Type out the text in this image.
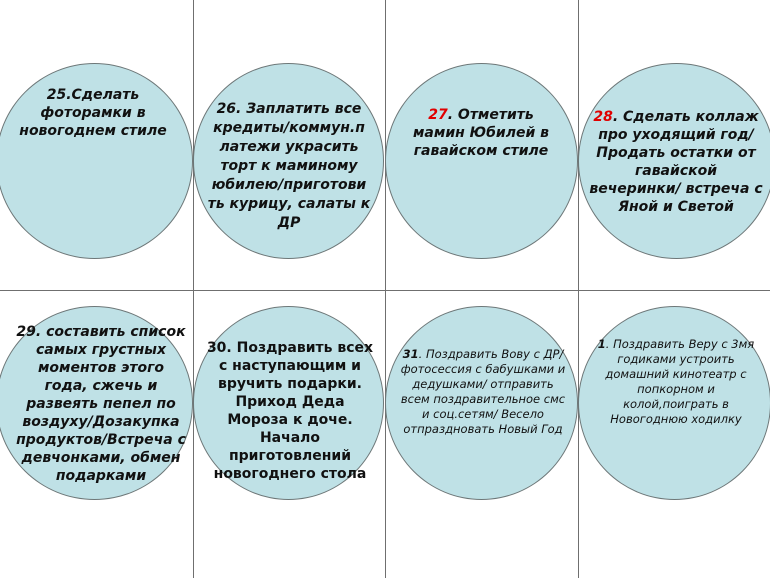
25.Сделать фоторамки в новогоднем стиле
26. Заплатить все кредиты/коммун.п латежи украсить торт к маминому юбилею/приготови ть курицу, салаты к ДР
27. Отметить мамин Юбилей в гавайском стиле
28. Сделать коллаж про уходящий год/Продать остатки от гавайской вечеринки/ встреча с Яной и Светой
29. составить список самых грустных моментов этого года, сжечь и развеять пепел по воздуху/Дозакупка продуктов/Встреча с девчонками, обмен подарками
30. Поздравить всех с наступающим и вручить подарки. Приход Деда Мороза к доче. Начало приготовлений новогоднего стола
31. Поздравить Вову с ДР/ фотосессия с бабушками и дедушками/ отправить всем поздравительное смс и соц.сетям/ Весело отпраздновать Новый Год
1. Поздравить Веру с 3мя годиками устроить домашний кинотеатр с попкорном и колой,поиграть в Новогоднюю ходилку
